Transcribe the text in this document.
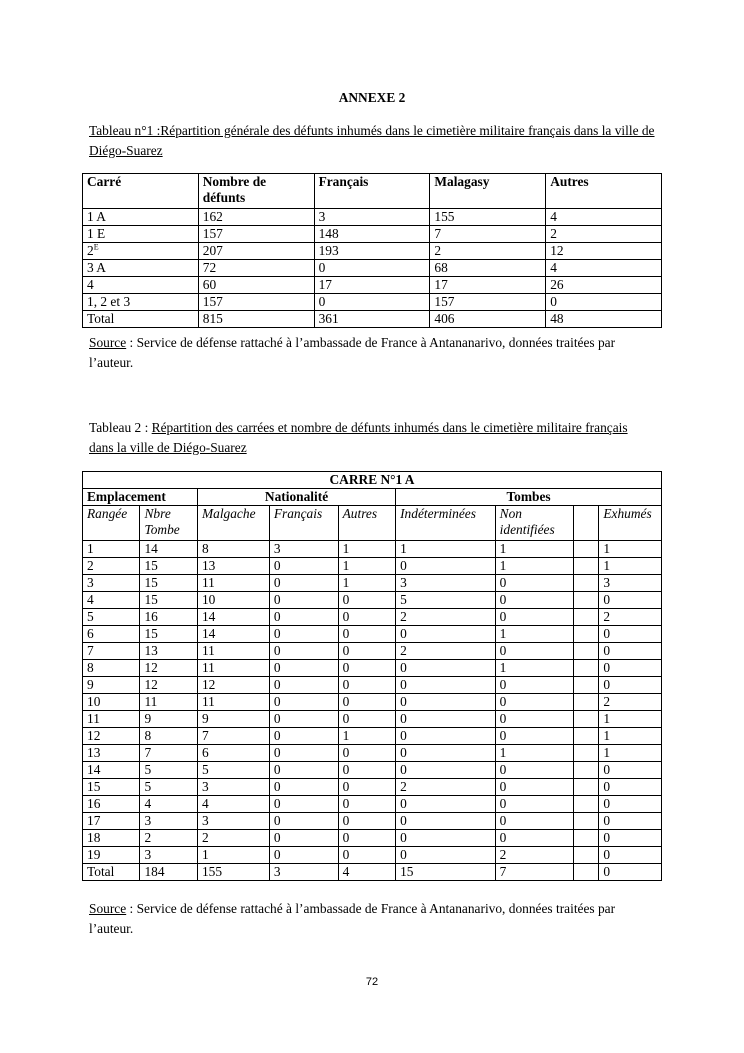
ANNEXE 2
Tableau n°1 :Répartition générale des défunts inhumés dans le cimetière militaire français dans la ville de Diégo-Suarez
Carré	Nombre de défunts	Français	Malagasy	Autres
1 A	162	3	155	4
1 E	157	148	7	2
$2^E$	207	193	2	12
3 A	72	0	68	4
4	60	17	17	26
1, 2 et 3	157	0	157	0
Total	815	361	406	48
Source : Service de défense rattaché à l’ambassade de France à Antananarivo, données traitées par l’auteur.
Tableau 2 : Répartition des carrées et nombre de défunts inhumés dans le cimetière militaire français dans la ville de Diégo-Suarez
CARRE N°1 A								
Emplacement		Nationalité			Tombes			
Rangée	Nbre Tombe	Malgache	Français	Autres	Indéterminées	Non identifiées		Exhumés
1	14	8	3	1	1	1		1
2	15	13	0	1	0	1		1
3	15	11	0	1	3	0		3
4	15	10	0	0	5	0		0
5	16	14	0	0	2	0		2
6	15	14	0	0	0	1		0
7	13	11	0	0	2	0		0
8	12	11	0	0	0	1		0
9	12	12	0	0	0	0		0
10	11	11	0	0	0	0		2
11	9	9	0	0	0	0		1
12	8	7	0	1	0	0		1
13	7	6	0	0	0	1		1
14	5	5	0	0	0	0		0
15	5	3	0	0	2	0		0
16	4	4	0	0	0	0		0
17	3	3	0	0	0	0		0
18	2	2	0	0	0	0		0
19	3	1	0	0	0	2		0
Total	184	155	3	4	15	7		0
Source : Service de défense rattaché à l’ambassade de France à Antananarivo, données traitées par l’auteur.
72
